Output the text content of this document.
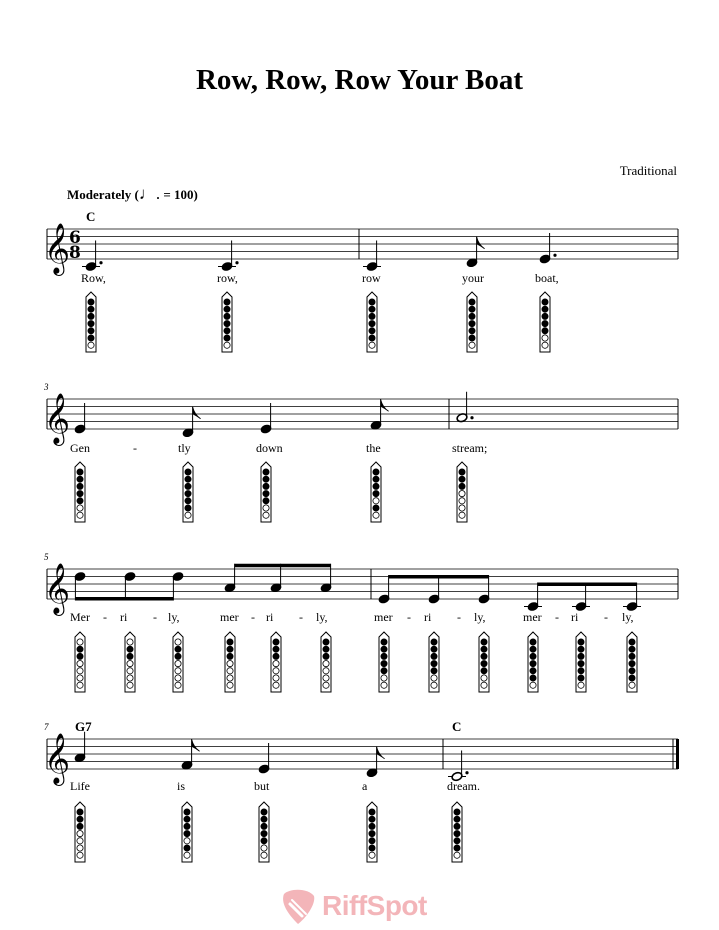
Row, Row, Row Your Boat
Traditional
Moderately (♩. = 100)
6
8
C
Row,	row,	row	your	boat,
𝄞
3
Gen	-	tly	down	the	stream;
𝄞
5
Mer - ri - ly,	mer - ri - ly,	mer - ri - ly,	mer - ri - ly,
𝄞
7 G7	C
Life	is	but	a	dream.
𝄞
RiffSpot
